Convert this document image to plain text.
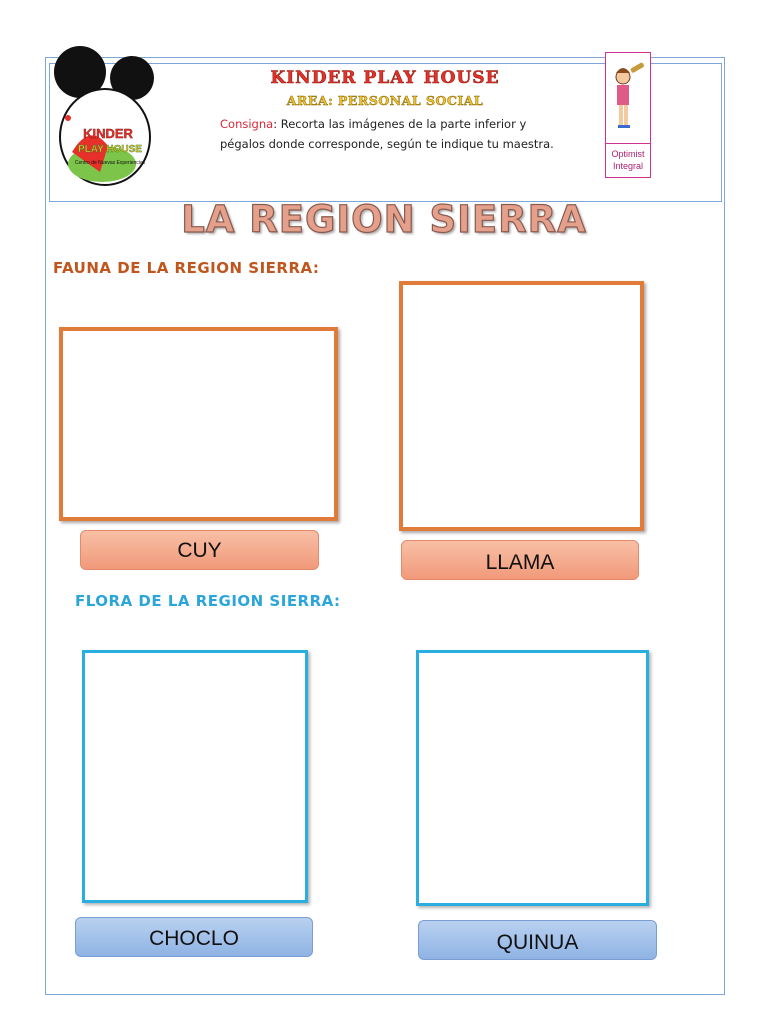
KINDER
PLAY HOUSE
Centro de Nuevas Experiencias
KINDER PLAY HOUSE
AREA: PERSONAL SOCIAL
Consigna: Recorta las imágenes de la parte inferior y
pégalos donde corresponde, según te indique tu maestra.
Optimist
Integral
LA REGION SIERRA
FAUNA DE LA REGION SIERRA:
CUY
LLAMA
FLORA DE LA REGION SIERRA:
CHOCLO	QUINUA
